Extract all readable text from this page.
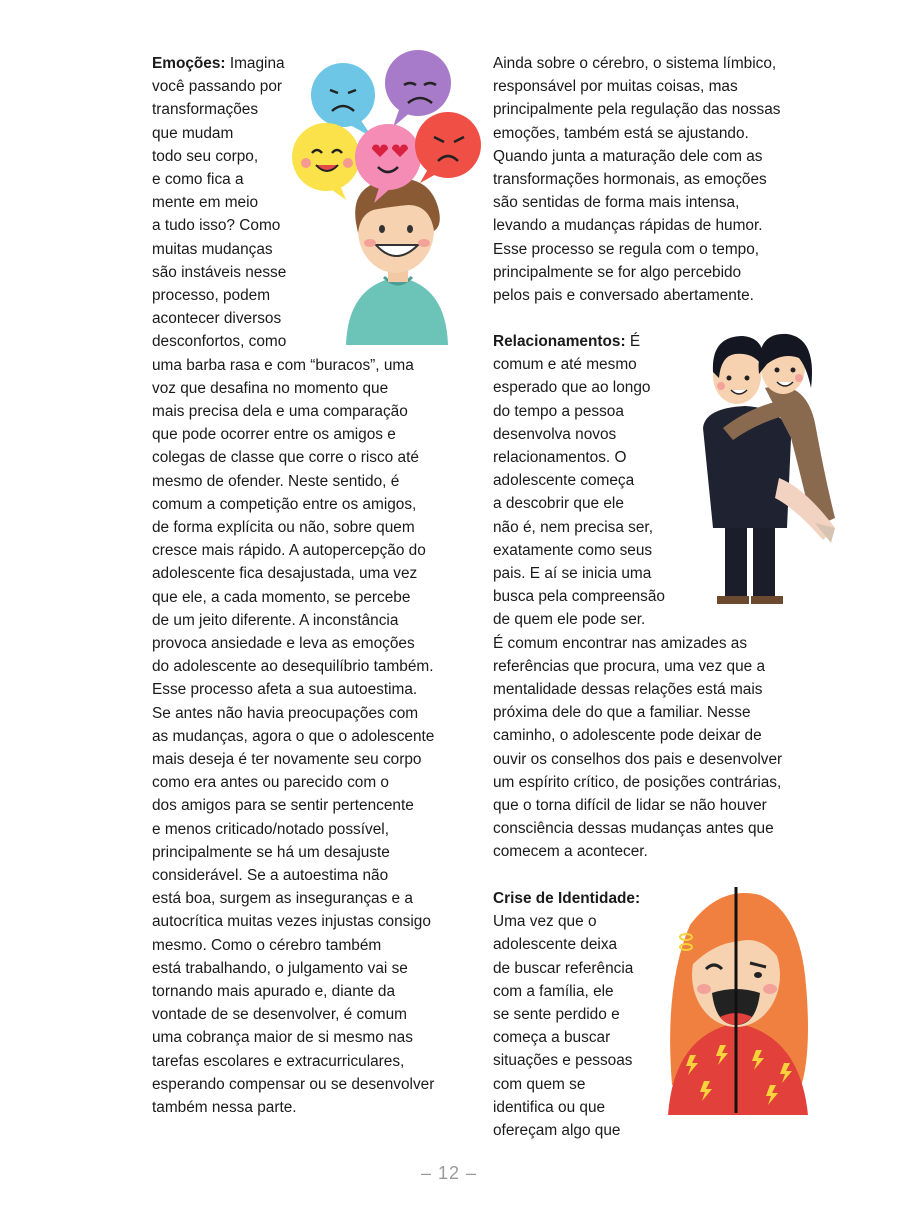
Emoções: Imagina
você passando por
transformações
que mudam
todo seu corpo,
e como fica a
mente em meio
a tudo isso? Como
muitas mudanças
são instáveis nesse
processo, podem
acontecer diversos
desconfortos, como
uma barba rasa e com “buracos”, uma
voz que desafina no momento que
mais precisa dela e uma comparação
que pode ocorrer entre os amigos e
colegas de classe que corre o risco até
mesmo de ofender. Neste sentido, é
comum a competição entre os amigos,
de forma explícita ou não, sobre quem
cresce mais rápido. A autopercepção do
adolescente fica desajustada, uma vez
que ele, a cada momento, se percebe
de um jeito diferente. A inconstância
provoca ansiedade e leva as emoções
do adolescente ao desequilíbrio também.
Esse processo afeta a sua autoestima.
Se antes não havia preocupações com
as mudanças, agora o que o adolescente
mais deseja é ter novamente seu corpo
como era antes ou parecido com o
dos amigos para se sentir pertencente
e menos criticado/notado possível,
principalmente se há um desajuste
considerável. Se a autoestima não
está boa, surgem as inseguranças e a
autocrítica muitas vezes injustas consigo
mesmo. Como o cérebro também
está trabalhando, o julgamento vai se
tornando mais apurado e, diante da
vontade de se desenvolver, é comum
uma cobrança maior de si mesmo nas
tarefas escolares e extracurriculares,
esperando compensar ou se desenvolver
também nessa parte.
Relacionamentos: É
Crise de Identidade:
Ainda sobre o cérebro, o sistema límbico,
responsável por muitas coisas, mas
principalmente pela regulação das nossas
emoções, também está se ajustando.
Quando junta a maturação dele com as
transformações hormonais, as emoções
são sentidas de forma mais intensa,
levando a mudanças rápidas de humor.
Esse processo se regula com o tempo,
principalmente se for algo percebido
pelos pais e conversado abertamente.
comum e até mesmo
esperado que ao longo
do tempo a pessoa
desenvolva novos
relacionamentos. O
adolescente começa
a descobrir que ele
não é, nem precisa ser,
exatamente como seus
pais. E aí se inicia uma
busca pela compreensão
de quem ele pode ser.
É comum encontrar nas amizades as
referências que procura, uma vez que a
mentalidade dessas relações está mais
próxima dele do que a familiar. Nesse
caminho, o adolescente pode deixar de
ouvir os conselhos dos pais e desenvolver
um espírito crítico, de posições contrárias,
que o torna difícil de lidar se não houver
consciência dessas mudanças antes que
comecem a acontecer.
Uma vez que o
adolescente deixa
de buscar referência
com a família, ele
se sente perdido e
começa a buscar
situações e pessoas
com quem se
identifica ou que
ofereçam algo que
– 12 –
